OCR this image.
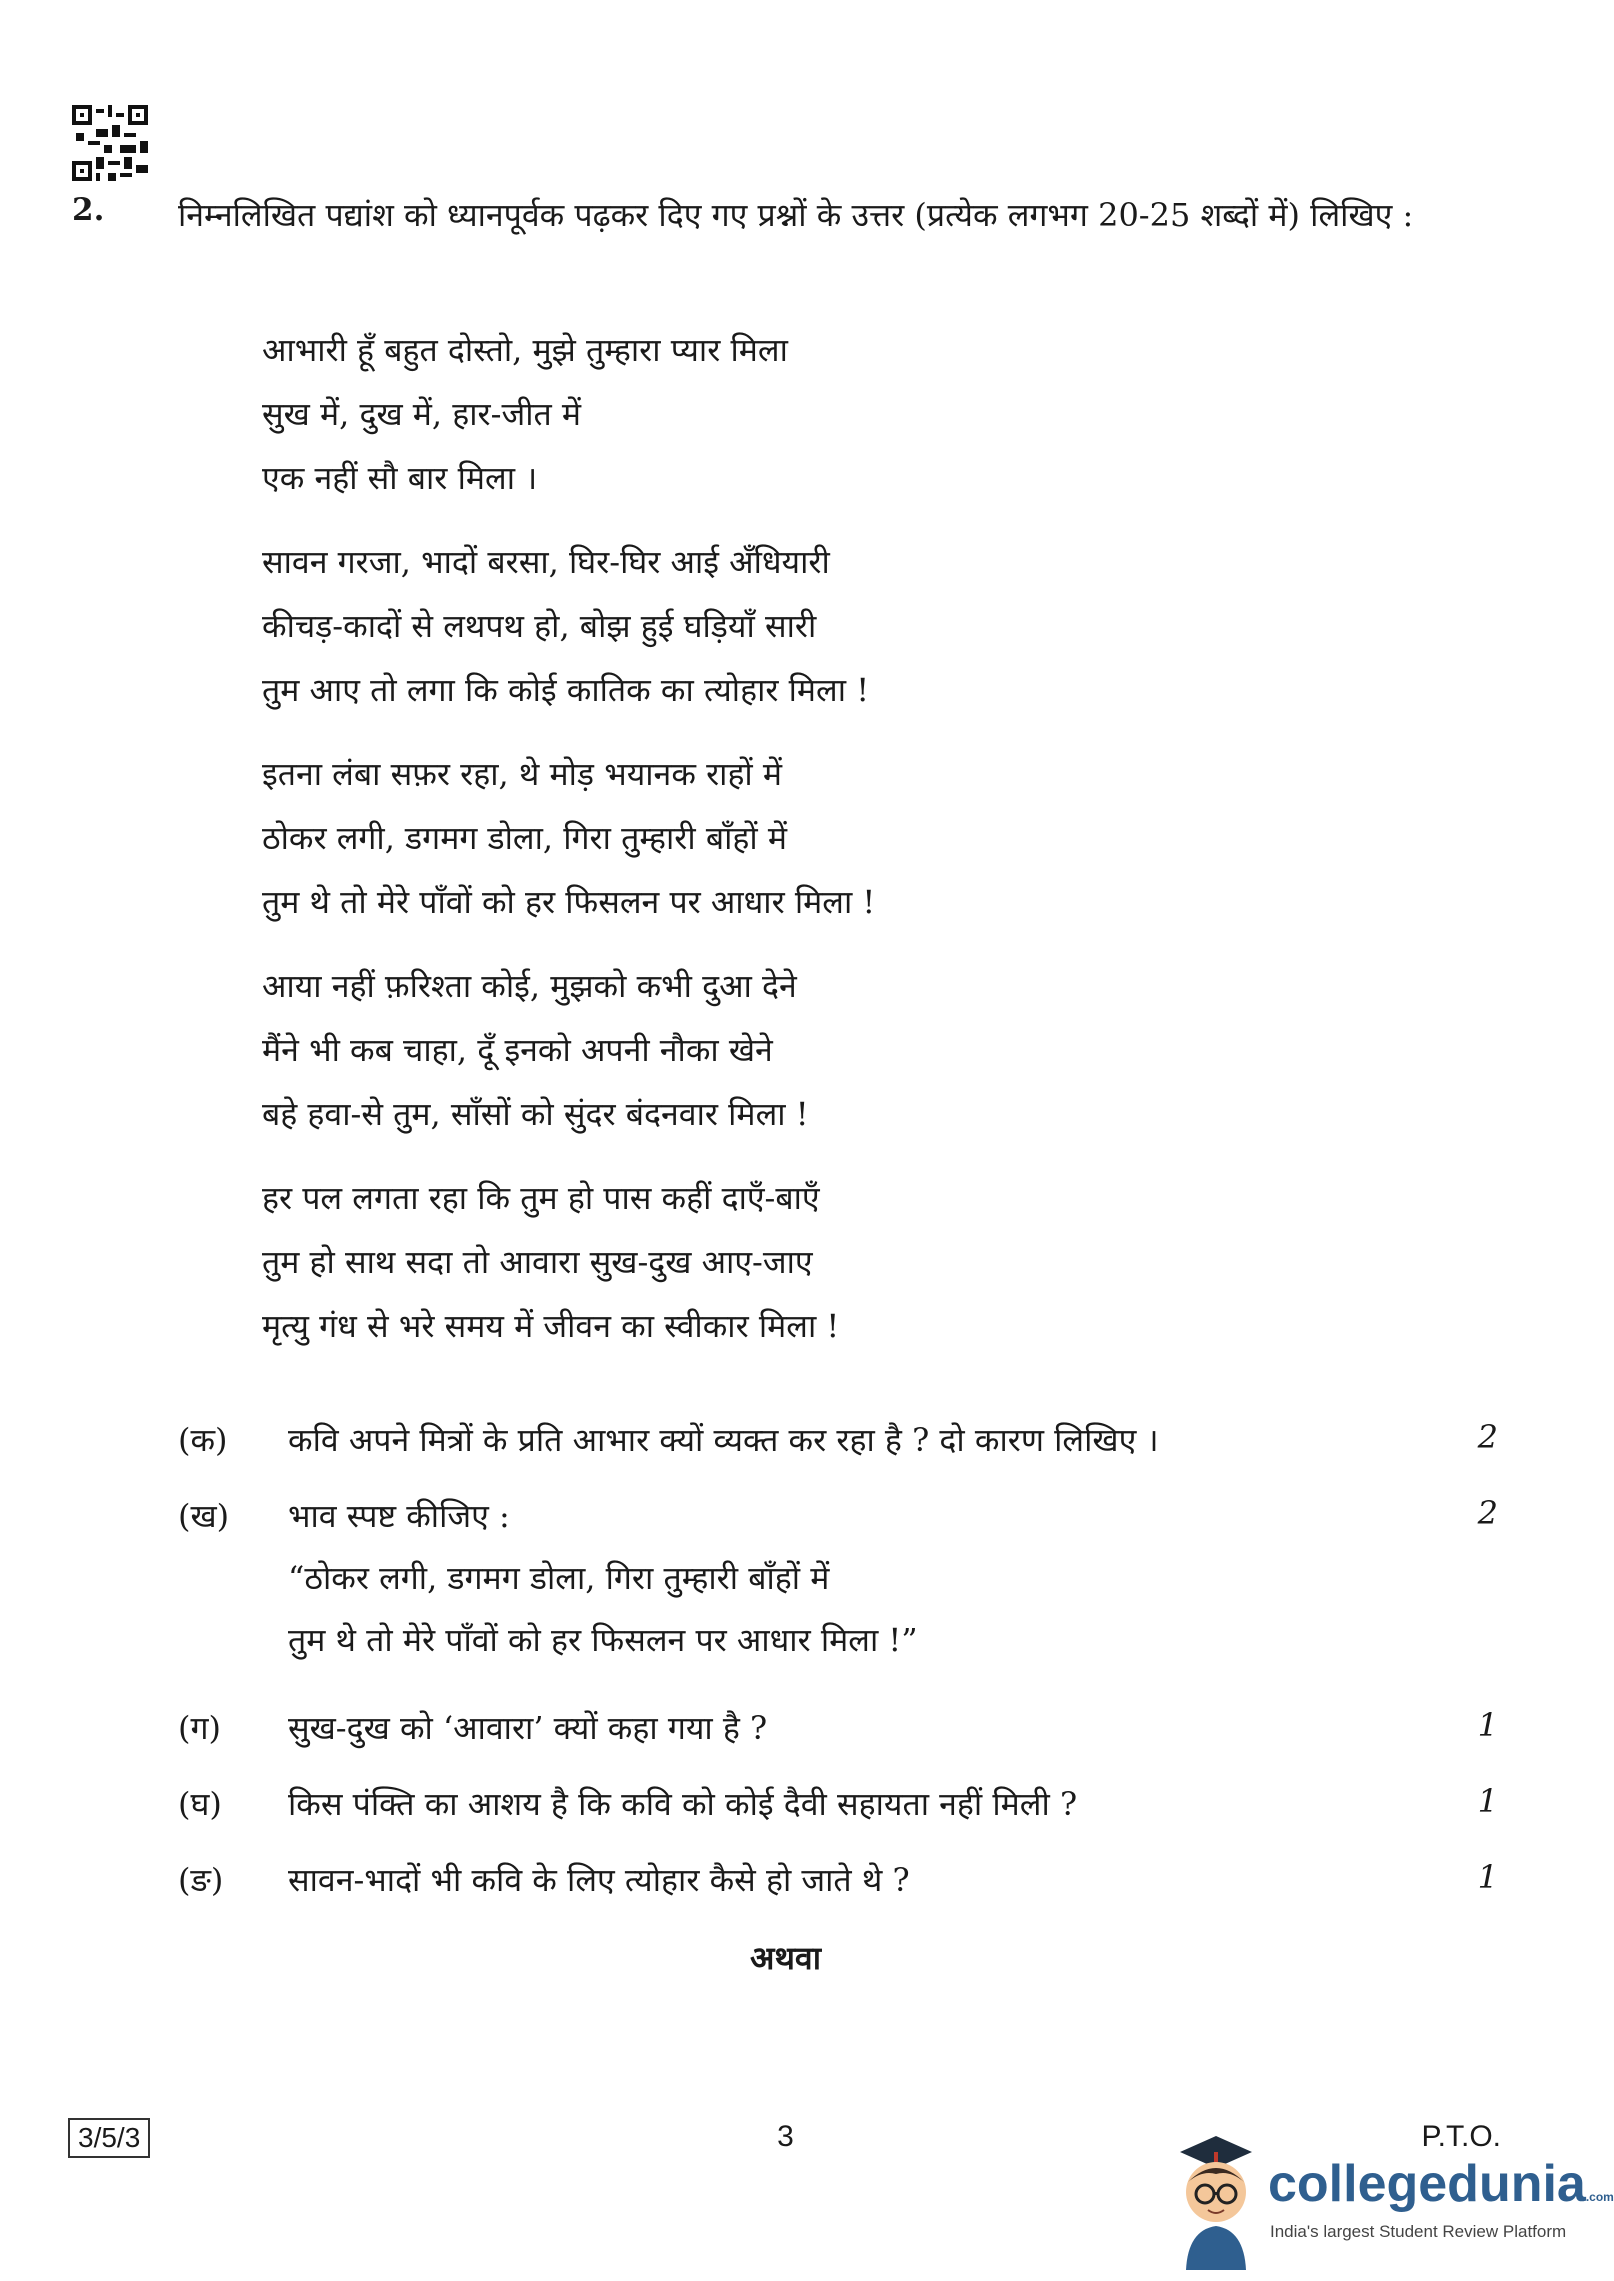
2. निम्नलिखित पद्यांश को ध्यानपूर्वक पढ़कर दिए गए प्रश्नों के उत्तर (प्रत्येक लगभग 20-25 शब्दों में) लिखिए :
आभारी हूँ बहुत दोस्तो, मुझे तुम्हारा प्यार मिला
सुख में, दुख में, हार-जीत में
एक नहीं सौ बार मिला ।
सावन गरजा, भादों बरसा, घिर-घिर आई अँधियारी
कीचड़-कादों से लथपथ हो, बोझ हुई घड़ियाँ सारी
तुम आए तो लगा कि कोई कातिक का त्योहार मिला !
इतना लंबा सफ़र रहा, थे मोड़ भयानक राहों में
ठोकर लगी, डगमग डोला, गिरा तुम्हारी बाँहों में
तुम थे तो मेरे पाँवों को हर फिसलन पर आधार मिला !
आया नहीं फ़रिश्ता कोई, मुझको कभी दुआ देने
मैंने भी कब चाहा, दूँ इनको अपनी नौका खेने
बहे हवा-से तुम, साँसों को सुंदर बंदनवार मिला !
हर पल लगता रहा कि तुम हो पास कहीं दाएँ-बाएँ
तुम हो साथ सदा तो आवारा सुख-दुख आए-जाए
मृत्यु गंध से भरे समय में जीवन का स्वीकार मिला !
(क) कवि अपने मित्रों के प्रति आभार क्यों व्यक्त कर रहा है ? दो कारण लिखिए ।	2
(ख) भाव स्पष्ट कीजिए :	2
“ठोकर लगी, डगमग डोला, गिरा तुम्हारी बाँहों में
तुम थे तो मेरे पाँवों को हर फिसलन पर आधार मिला !”
(ग) सुख-दुख को ‘आवारा’ क्यों कहा गया है ?	1
(घ) किस पंक्ति का आशय है कि कवि को कोई दैवी सहायता नहीं मिली ?	1
(ङ) सावन-भादों भी कवि के लिए त्योहार कैसे हो जाते थे ?	1
अथवा
3/5/3	3	P.T.O.
collegedunia.com
India's largest Student Review Platform
